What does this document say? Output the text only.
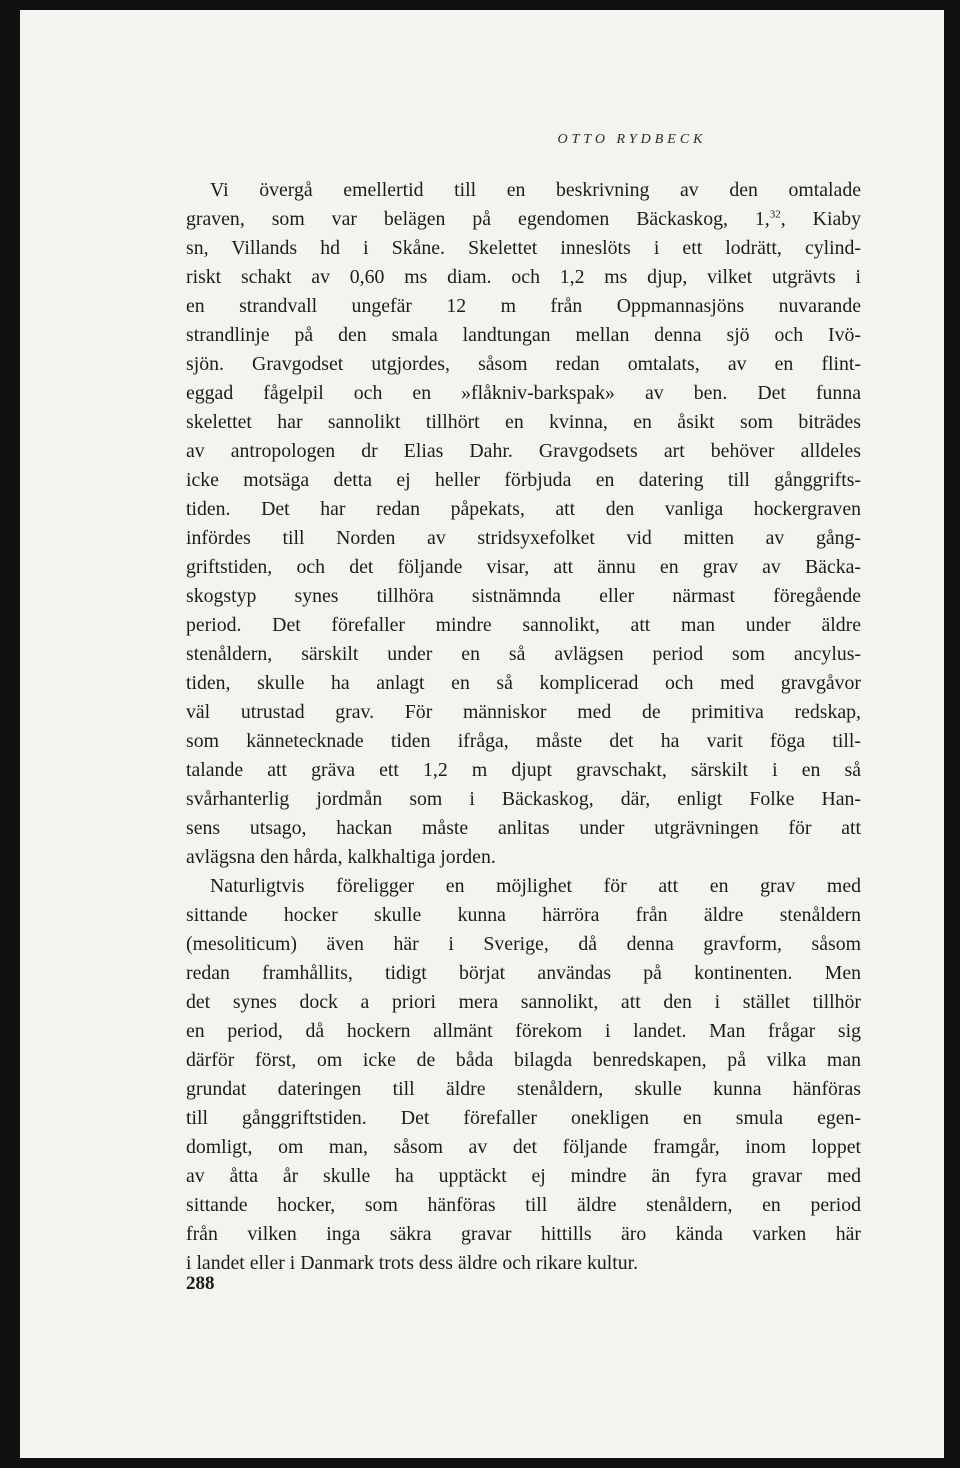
OTTO RYDBECK
Vi övergå emellertid till en beskrivning av den omtalade
graven, som var belägen på egendomen Bäckaskog, 1,32, Kiaby
sn, Villands hd i Skåne. Skelettet inneslöts i ett lodrätt, cylind-
riskt schakt av 0,60 ms diam. och 1,2 ms djup, vilket utgrävts i
en strandvall ungefär 12 m från Oppmannasjöns nuvarande
strandlinje på den smala landtungan mellan denna sjö och Ivö-
sjön. Gravgodset utgjordes, såsom redan omtalats, av en flint-
eggad fågelpil och en »flåkniv-barkspak» av ben. Det funna
skelettet har sannolikt tillhört en kvinna, en åsikt som biträdes
av antropologen dr Elias Dahr. Gravgodsets art behöver alldeles
icke motsäga detta ej heller förbjuda en datering till gånggrifts-
tiden. Det har redan påpekats, att den vanliga hockergraven
infördes till Norden av stridsyxefolket vid mitten av gång-
griftstiden, och det följande visar, att ännu en grav av Bäcka-
skogstyp synes tillhöra sistnämnda eller närmast föregående
period. Det förefaller mindre sannolikt, att man under äldre
stenåldern, särskilt under en så avlägsen period som ancylus-
tiden, skulle ha anlagt en så komplicerad och med gravgåvor
väl utrustad grav. För människor med de primitiva redskap,
som kännetecknade tiden ifråga, måste det ha varit föga till-
talande att gräva ett 1,2 m djupt gravschakt, särskilt i en så
svårhanterlig jordmån som i Bäckaskog, där, enligt Folke Han-
sens utsago, hackan måste anlitas under utgrävningen för att
avlägsna den hårda, kalkhaltiga jorden.
Naturligtvis föreligger en möjlighet för att en grav med
sittande hocker skulle kunna härröra från äldre stenåldern
(mesoliticum) även här i Sverige, då denna gravform, såsom
redan framhållits, tidigt börjat användas på kontinenten. Men
det synes dock a priori mera sannolikt, att den i stället tillhör
en period, då hockern allmänt förekom i landet. Man frågar sig
därför först, om icke de båda bilagda benredskapen, på vilka man
grundat dateringen till äldre stenåldern, skulle kunna hänföras
till gånggriftstiden. Det förefaller onekligen en smula egen-
domligt, om man, såsom av det följande framgår, inom loppet
av åtta år skulle ha upptäckt ej mindre än fyra gravar med
sittande hocker, som hänföras till äldre stenåldern, en period
från vilken inga säkra gravar hittills äro kända varken här
i landet eller i Danmark trots dess äldre och rikare kultur.
288
